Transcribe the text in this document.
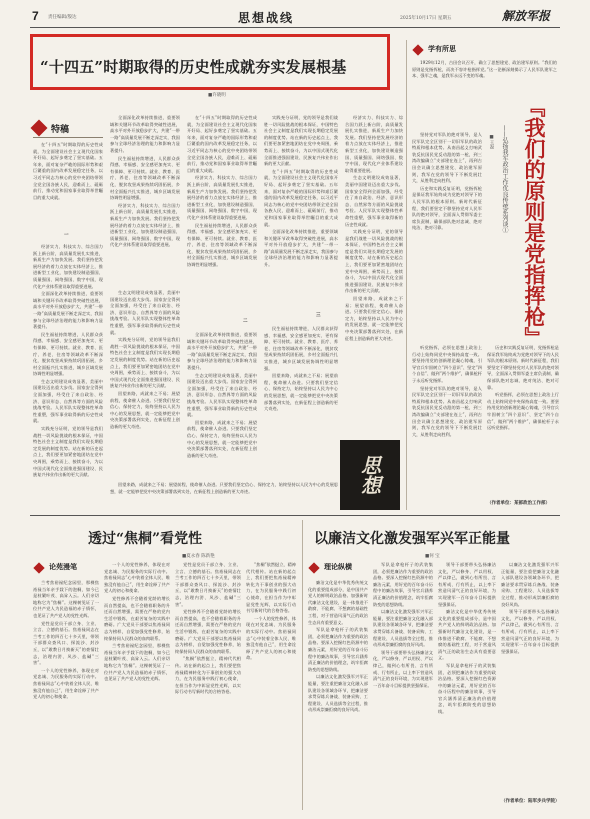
7 责任编辑/殷达	思想战线	2025年10月17日 星期五	解放军报
“十四五”时期取得的历史性成就夯实发展根基
■许晓明
特稿

在“十四五”时期取得的历史性成就，为全面建设社会主义现代化国家开好局、起好步奠定了坚实基础。五年来，面对复杂严峻的国际形势和艰巨繁重的国内改革发展稳定任务，以习近平同志为核心的党中央团结带领全党全国各族人民，迎难而上、砥砺前行，推动党和国家事业取得举世瞩目的重大成就。

一

经济实力、科技实力、综合国力跃上新台阶，高质量发展扎实推进，新质生产力加快发展。我们坚持把发展经济的着力点放在实体经济上，推进新型工业化，加快建设制造强国、质量强国、网络强国、数字中国，现代化产业体系建设取得重要进展。

全面深化改革持续推进，重要领域和关键环节改革取得突破性进展，高水平对外开放稳步扩大，共建“一带一路”高质量发展不断走深走实，我国参与全球经济治理的能力和影响力显著提升。

民生福祉持续增进，人民群众获得感、幸福感、安全感更加充实、更有保障、更可持续。就业、教育、医疗、养老、住房等领域改革不断深化，脱贫攻坚成果持续巩固拓展，乡村全面振兴扎实推进，城乡区域发展协调性明显增强。

生态文明建设成效显著，美丽中国建设迈出重大步伐。国家安全得到全面加强，经受住了来自政治、经济、意识形态、自然界等方面的风险挑战考验。人民军队实现整体性革命性重塑，强军事业取得新的历史性成就。

实践充分证明，党的领导是我们战胜一切风险挑战的根本保证，中国特色社会主义制度是我们实现长期稳定发展的制度优势。站在新的历史起点上，我们要更加紧密地团结在党中央周围，乘势而上、接续奋斗，为以中国式现代化全面推进强国建设、民族复兴伟业作出新的更大贡献。

全面深化改革持续推进，重要领域和关键环节改革取得突破性进展，高水平对外开放稳步扩大，共建“一带一路”高质量发展不断走深走实，我国参与全球经济治理的能力和影响力显著提升。

民生福祉持续增进，人民群众获得感、幸福感、安全感更加充实、更有保障、更可持续。就业、教育、医疗、养老、住房等领域改革不断深化，脱贫攻坚成果持续巩固拓展，乡村全面振兴扎实推进，城乡区域发展协调性明显增强。

经济实力、科技实力、综合国力跃上新台阶，高质量发展扎实推进，新质生产力加快发展。我们坚持把发展经济的着力点放在实体经济上，推进新型工业化，加快建设制造强国、质量强国、网络强国、数字中国，现代化产业体系建设取得重要进展。

生态文明建设成效显著，美丽中国建设迈出重大步伐。国家安全得到全面加强，经受住了来自政治、经济、意识形态、自然界等方面的风险挑战考验。人民军队实现整体性革命性重塑，强军事业取得新的历史性成就。

实践充分证明，党的领导是我们战胜一切风险挑战的根本保证，中国特色社会主义制度是我们实现长期稳定发展的制度优势。站在新的历史起点上，我们要更加紧密地团结在党中央周围，乘势而上、接续奋斗，为以中国式现代化全面推进强国建设、民族复兴伟业作出新的更大贡献。

回望来路，成就来之不易；展望前程，使命催人奋进。只要我们坚定信心、保持定力，始终坚持以人民为中心的发展思想，就一定能够把党中央决策部署落到实处，在新征程上创造新的更大奇迹。

在“十四五”时期取得的历史性成就，为全面建设社会主义现代化国家开好局、起好步奠定了坚实基础。五年来，面对复杂严峻的国际形势和艰巨繁重的国内改革发展稳定任务，以习近平同志为核心的党中央团结带领全党全国各族人民，迎难而上、砥砺前行，推动党和国家事业取得举世瞩目的重大成就。

经济实力、科技实力、综合国力跃上新台阶，高质量发展扎实推进，新质生产力加快发展。我们坚持把发展经济的着力点放在实体经济上，推进新型工业化，加快建设制造强国、质量强国、网络强国、数字中国，现代化产业体系建设取得重要进展。

民生福祉持续增进，人民群众获得感、幸福感、安全感更加充实、更有保障、更可持续。就业、教育、医疗、养老、住房等领域改革不断深化，脱贫攻坚成果持续巩固拓展，乡村全面振兴扎实推进，城乡区域发展协调性明显增强。

二

全面深化改革持续推进，重要领域和关键环节改革取得突破性进展，高水平对外开放稳步扩大，共建“一带一路”高质量发展不断走深走实，我国参与全球经济治理的能力和影响力显著提升。

生态文明建设成效显著，美丽中国建设迈出重大步伐。国家安全得到全面加强，经受住了来自政治、经济、意识形态、自然界等方面的风险挑战考验。人民军队实现整体性革命性重塑，强军事业取得新的历史性成就。

回望来路，成就来之不易；展望前程，使命催人奋进。只要我们坚定信心、保持定力，始终坚持以人民为中心的发展思想，就一定能够把党中央决策部署落到实处，在新征程上创造新的更大奇迹。

实践充分证明，党的领导是我们战胜一切风险挑战的根本保证，中国特色社会主义制度是我们实现长期稳定发展的制度优势。站在新的历史起点上，我们要更加紧密地团结在党中央周围，乘势而上、接续奋斗，为以中国式现代化全面推进强国建设、民族复兴伟业作出新的更大贡献。

在“十四五”时期取得的历史性成就，为全面建设社会主义现代化国家开好局、起好步奠定了坚实基础。五年来，面对复杂严峻的国际形势和艰巨繁重的国内改革发展稳定任务，以习近平同志为核心的党中央团结带领全党全国各族人民，迎难而上、砥砺前行，推动党和国家事业取得举世瞩目的重大成就。

全面深化改革持续推进，重要领域和关键环节改革取得突破性进展，高水平对外开放稳步扩大，共建“一带一路”高质量发展不断走深走实，我国参与全球经济治理的能力和影响力显著提升。

三

民生福祉持续增进，人民群众获得感、幸福感、安全感更加充实、更有保障、更可持续。就业、教育、医疗、养老、住房等领域改革不断深化，脱贫攻坚成果持续巩固拓展，乡村全面振兴扎实推进，城乡区域发展协调性明显增强。

回望来路，成就来之不易；展望前程，使命催人奋进。只要我们坚定信心、保持定力，始终坚持以人民为中心的发展思想，就一定能够把党中央决策部署落到实处，在新征程上创造新的更大奇迹。

经济实力、科技实力、综合国力跃上新台阶，高质量发展扎实推进，新质生产力加快发展。我们坚持把发展经济的着力点放在实体经济上，推进新型工业化，加快建设制造强国、质量强国、网络强国、数字中国，现代化产业体系建设取得重要进展。

生态文明建设成效显著，美丽中国建设迈出重大步伐。国家安全得到全面加强，经受住了来自政治、经济、意识形态、自然界等方面的风险挑战考验。人民军队实现整体性革命性重塑，强军事业取得新的历史性成就。

实践充分证明，党的领导是我们战胜一切风险挑战的根本保证，中国特色社会主义制度是我们实现长期稳定发展的制度优势。站在新的历史起点上，我们要更加紧密地团结在党中央周围，乘势而上、接续奋斗，为以中国式现代化全面推进强国建设、民族复兴伟业作出新的更大贡献。

回望来路，成就来之不易；展望前程，使命催人奋进。只要我们坚定信心、保持定力，始终坚持以人民为中心的发展思想，就一定能够把党中央决策部署落到实处，在新征程上创造新的更大奇迹。

思想

回望来路，成就来之不易；展望前程，使命催人奋进。只要我们坚定信心、保持定力，始终坚持以人民为中心的发展思想，就一定能够把党中央决策部署落到实处，在新征程上创造新的更大奇迹。

学有所思

1929年12月，古田会议召开，确立了思想建党、政治建军原则。“我们的原则是党指挥枪，而决不容许枪指挥党。”这一论断深刻揭示了人民军队建军之本、强军之魂，是我军永远不变的军魂。

『我们的原则是党指挥枪』
——弘扬我军政治工作优良传统系列谈①
■王磊

坚持党对军队的绝对领导，是人民军队完全区别于一切旧军队的政治特质和根本优势。从南昌起义打响武装反抗国民党反动派的第一枪，到三湾改编确立“支部建在连上”，再到古田会议确立思想建党、政治建军原则，我军在党的领导下不断发展壮大，从胜利走向胜利。

历史和实践反复证明，党指挥枪是保证我军始终成为党绝对领导下的人民军队的根本原则。新时代新征程，我们要坚定不移坚持党对人民军队的绝对领导，全面深入贯彻军委主席负责制，确保部队绝对忠诚、绝对纯洁、绝对可靠。

听党指挥，必须在思想上政治上行动上始终同党中央保持高度一致。要坚持用党的创新理论凝心铸魂，引导官兵牢固树立“四个意识”、坚定“四个自信”、做到“两个维护”，确保枪杆子永远听党指挥。

坚持党对军队的绝对领导，是人民军队完全区别于一切旧军队的政治特质和根本优势。从南昌起义打响武装反抗国民党反动派的第一枪，到三湾改编确立“支部建在连上”，再到古田会议确立思想建党、政治建军原则，我军在党的领导下不断发展壮大，从胜利走向胜利。

历史和实践反复证明，党指挥枪是保证我军始终成为党绝对领导下的人民军队的根本原则。新时代新征程，我们要坚定不移坚持党对人民军队的绝对领导，全面深入贯彻军委主席负责制，确保部队绝对忠诚、绝对纯洁、绝对可靠。

听党指挥，必须在思想上政治上行动上始终同党中央保持高度一致。要坚持用党的创新理论凝心铸魂，引导官兵牢固树立“四个意识”、坚定“四个自信”、做到“两个维护”，确保枪杆子永远听党指挥。

（作者单位：某部政治工作部）
透过“焦桐”看党性
■夏永春 陈新艳
论苑漫笔

兰考焦裕禄纪念园里，那棵焦裕禄当年亲手栽下的泡桐，如今已是枝繁叶茂、高耸入云。人们亲切地称它为“焦桐”。这棵树见证了一位共产党人为民造福的赤子情怀，也见证了共产党人的党性光辉。

党性是党员干部立身、立业、立言、立德的基石。焦裕禄同志在兰考工作的四百七十多天里，带领干部群众查风口、探流沙、封沙丘，以“敢教日月换新天”的豪情壮志，治理内涝、风沙、盐碱“三害”。

一个人的党性修养，体现在对党忠诚、为民服务的实际行动中。焦裕禄同志“心中装着全体人民、唯独没有他自己”，用生命诠释了共产党人的初心和使命。

一个人的党性修养，体现在对党忠诚、为民服务的实际行动中。焦裕禄同志“心中装着全体人民、唯独没有他自己”，用生命诠释了共产党人的初心和使命。

党性修养不会随着党龄的增长而自然提高，也不会随着职务的升迁而自然增强，需要在严格的党内生活中锻炼，在艰苦复杂的实践中磨砺。广大党员干部要以焦裕禄同志为榜样，自觉加强党性修养，始终保持同人民群众的血肉联系。

兰考焦裕禄纪念园里，那棵焦裕禄当年亲手栽下的泡桐，如今已是枝繁叶茂、高耸入云。人们亲切地称它为“焦桐”。这棵树见证了一位共产党人为民造福的赤子情怀，也见证了共产党人的党性光辉。

党性是党员干部立身、立业、立言、立德的基石。焦裕禄同志在兰考工作的四百七十多天里，带领干部群众查风口、探流沙、封沙丘，以“敢教日月换新天”的豪情壮志，治理内涝、风沙、盐碱“三害”。

党性修养不会随着党龄的增长而自然提高，也不会随着职务的升迁而自然增强，需要在严格的党内生活中锻炼，在艰苦复杂的实践中磨砺。广大党员干部要以焦裕禄同志为榜样，自觉加强党性修养，始终保持同人民群众的血肉联系。

“焦桐”依然挺立，精神代代相传。站在新的起点上，我们要把焦裕禄精神转化为干事创业的强大动力，在为民服务中践行初心使命，在担当作为中彰显党性光辉，以实际行动书写新时代的合格答卷。

“焦桐”依然挺立，精神代代相传。站在新的起点上，我们要把焦裕禄精神转化为干事创业的强大动力，在为民服务中践行初心使命，在担当作为中彰显党性光辉，以实际行动书写新时代的合格答卷。

一个人的党性修养，体现在对党忠诚、为民服务的实际行动中。焦裕禄同志“心中装着全体人民、唯独没有他自己”，用生命诠释了共产党人的初心和使命。

以廉洁文化激发强军兴军正能量
■何 宝
理论纵横

廉洁文化是中华优秀传统文化的重要组成部分，是中国共产党人的鲜明政治品格。加强新时代廉洁文化建设，是一体推进不敢腐、不能腐、不想腐的基础性工程，对于营造风清气正的政治生态具有重要意义。

军队是拿枪杆子的武装集团，必须把廉洁作为重要的政治品格。要深入挖掘红色资源中的廉洁元素，用好党的百年奋斗历程中的廉洁故事，引导官兵涵养清正廉洁的价值理念，筑牢拒腐防变的思想防线。

以廉洁文化激发强军兴军正能量，要注重把廉洁文化融入部队建设各领域各环节，把廉洁要求贯穿练兵备战、装备采购、工程建设、人员选拔等全过程，推动形成崇廉拒腐的良好风尚。

军队是拿枪杆子的武装集团，必须把廉洁作为重要的政治品格。要深入挖掘红色资源中的廉洁元素，用好党的百年奋斗历程中的廉洁故事，引导官兵涵养清正廉洁的价值理念，筑牢拒腐防变的思想防线。

以廉洁文化激发强军兴军正能量，要注重把廉洁文化融入部队建设各领域各环节，把廉洁要求贯穿练兵备战、装备采购、工程建设、人员选拔等全过程，推动形成崇廉拒腐的良好风尚。

领导干部要带头弘扬廉洁文化，严以修身、严以用权、严以律己，做到心有所畏、言有所戒、行有所止，以上率下营造风清气正的良好环境，为实现建军一百年奋斗目标提供坚强保证。

领导干部要带头弘扬廉洁文化，严以修身、严以用权、严以律己，做到心有所畏、言有所戒、行有所止，以上率下营造风清气正的良好环境，为实现建军一百年奋斗目标提供坚强保证。

廉洁文化是中华优秀传统文化的重要组成部分，是中国共产党人的鲜明政治品格。加强新时代廉洁文化建设，是一体推进不敢腐、不能腐、不想腐的基础性工程，对于营造风清气正的政治生态具有重要意义。

军队是拿枪杆子的武装集团，必须把廉洁作为重要的政治品格。要深入挖掘红色资源中的廉洁元素，用好党的百年奋斗历程中的廉洁故事，引导官兵涵养清正廉洁的价值理念，筑牢拒腐防变的思想防线。

以廉洁文化激发强军兴军正能量，要注重把廉洁文化融入部队建设各领域各环节，把廉洁要求贯穿练兵备战、装备采购、工程建设、人员选拔等全过程，推动形成崇廉拒腐的良好风尚。

领导干部要带头弘扬廉洁文化，严以修身、严以用权、严以律己，做到心有所畏、言有所戒、行有所止，以上率下营造风清气正的良好环境，为实现建军一百年奋斗目标提供坚强保证。

（作者单位：陆军步兵学院）
